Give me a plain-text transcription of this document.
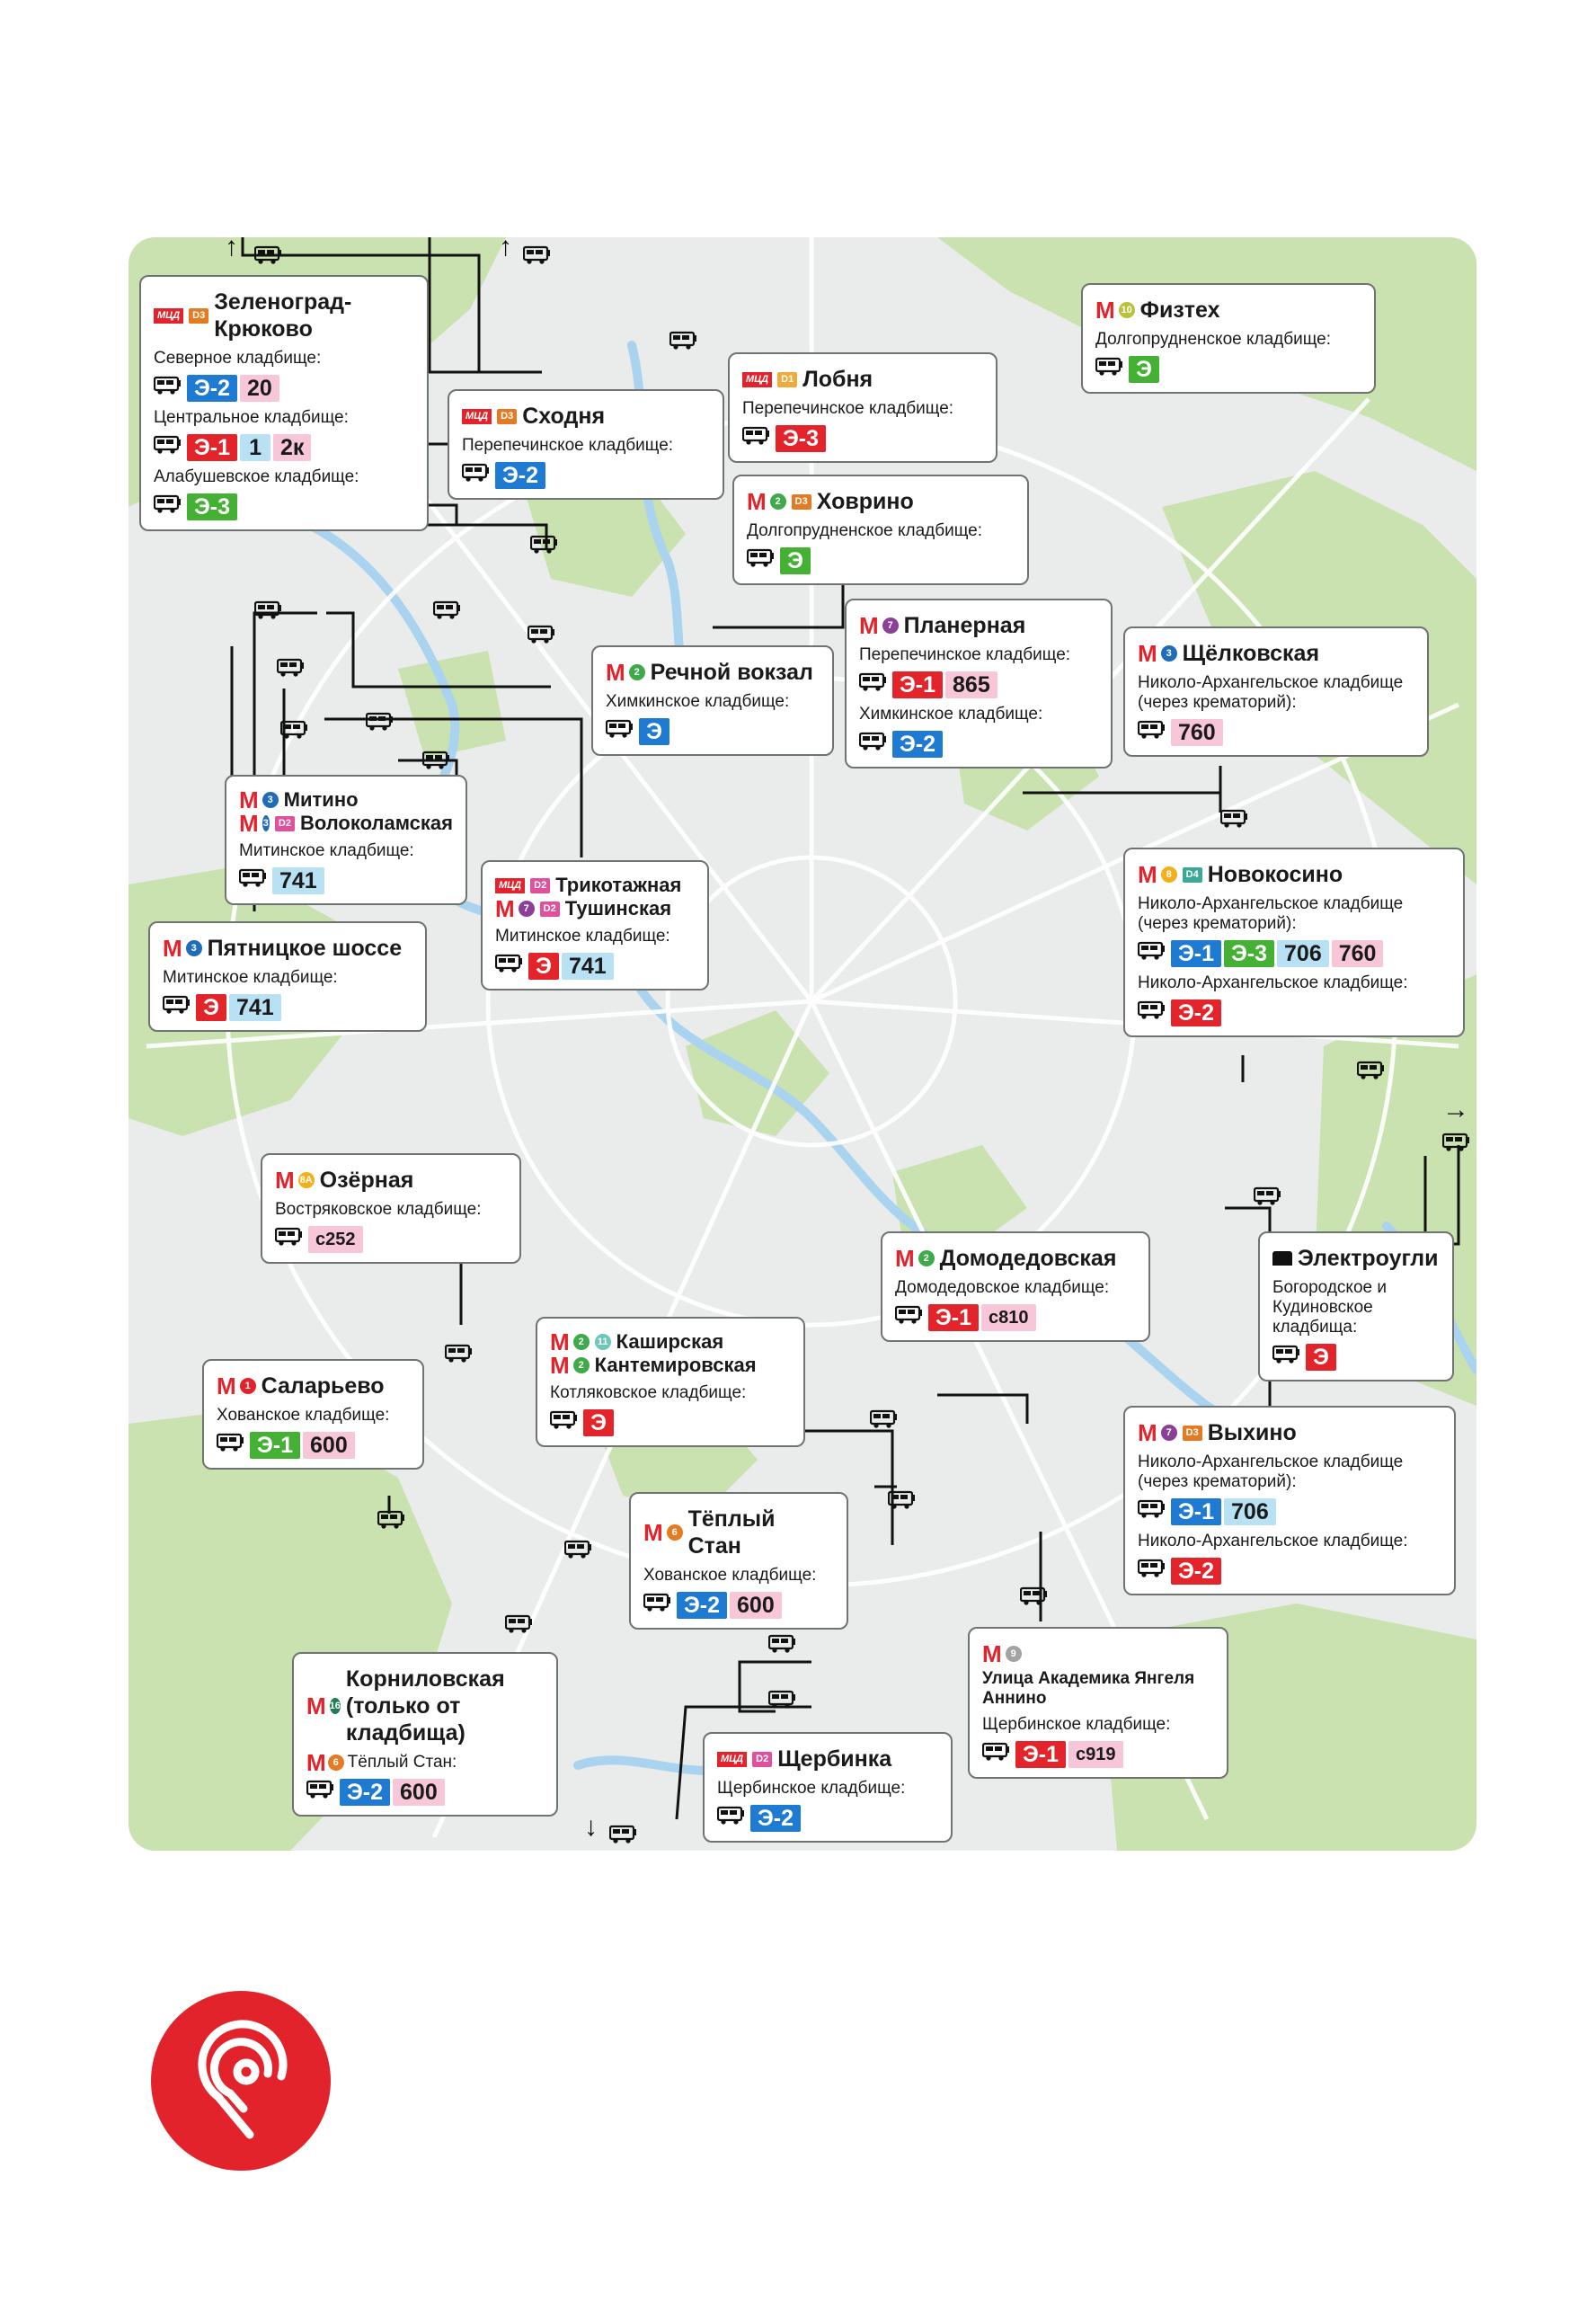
МЦД	D3
Зеленоград-Крюково
Северное кладбище:
Э-2 20
Центральное кладбище:
Э-1 1 2к
Алабушевское кладбище:
Э-3
МЦД	D3 Сходня
Перепечинское кладбище:
Э-2
МЦД	D1 Лобня
Перепечинское кладбище:
Э-3
M 10 Физтех
Долгопрудненское кладбище:
Э
M	2	D3 Ховрино
Долгопрудненское кладбище:
Э
M	7 Планерная
Перепечинское кладбище:
Э-1 865
Химкинское кладбище:
Э-2
M	2 Речной вокзал
Химкинское кладбище:
Э
M	3 Щёлковская
Николо-Архангельское кладбище (через крематорий):
760
M	3 Митино
M 3	D2 Волоколамская
Митинское кладбище:
741	МЦД	D2 Трикотажная
M	7	D2 Тушинская
Митинское кладбище:
Э 741
M	3 Пятницкое шоссе
Митинское кладбище:
Э 741
M	8	D4 Новокосино
Николо-Архангельское кладбище (через крематорий):
Э-1 Э-3 706 760
Николо-Архангельское кладбище:
Э-2
M 8А Озёрная
Востряковское кладбище:
с252
M	2 Домодедовская
Домодедовское кладбище:
Э-1 с810
Электроугли
Богородское и Кудиновское кладбища:
Э
M	1 Саларьево
Хованское кладбище:
Э-1 600
M	2	11 Каширская
M	2 Кантемировская
Котляковское кладбище:
Э	M	7	D3 Выхино
Николо-Архангельское кладбище (через крематорий):
Э-1 706
Николо-Архангельское кладбище:
Э-2
M	6
Тёплый Стан
Хованское кладбище:
Э-2 600
M 16
Корниловская (только от кладбища)
M 6 Тёплый Стан:
Э-2 600
M	9
Улица Академика Янгеля Аннино
Щербинское кладбище:
Э-1 с919
МЦД	D2 Щербинка
Щербинское кладбище:
Э-2
↑	↑
→
↓
